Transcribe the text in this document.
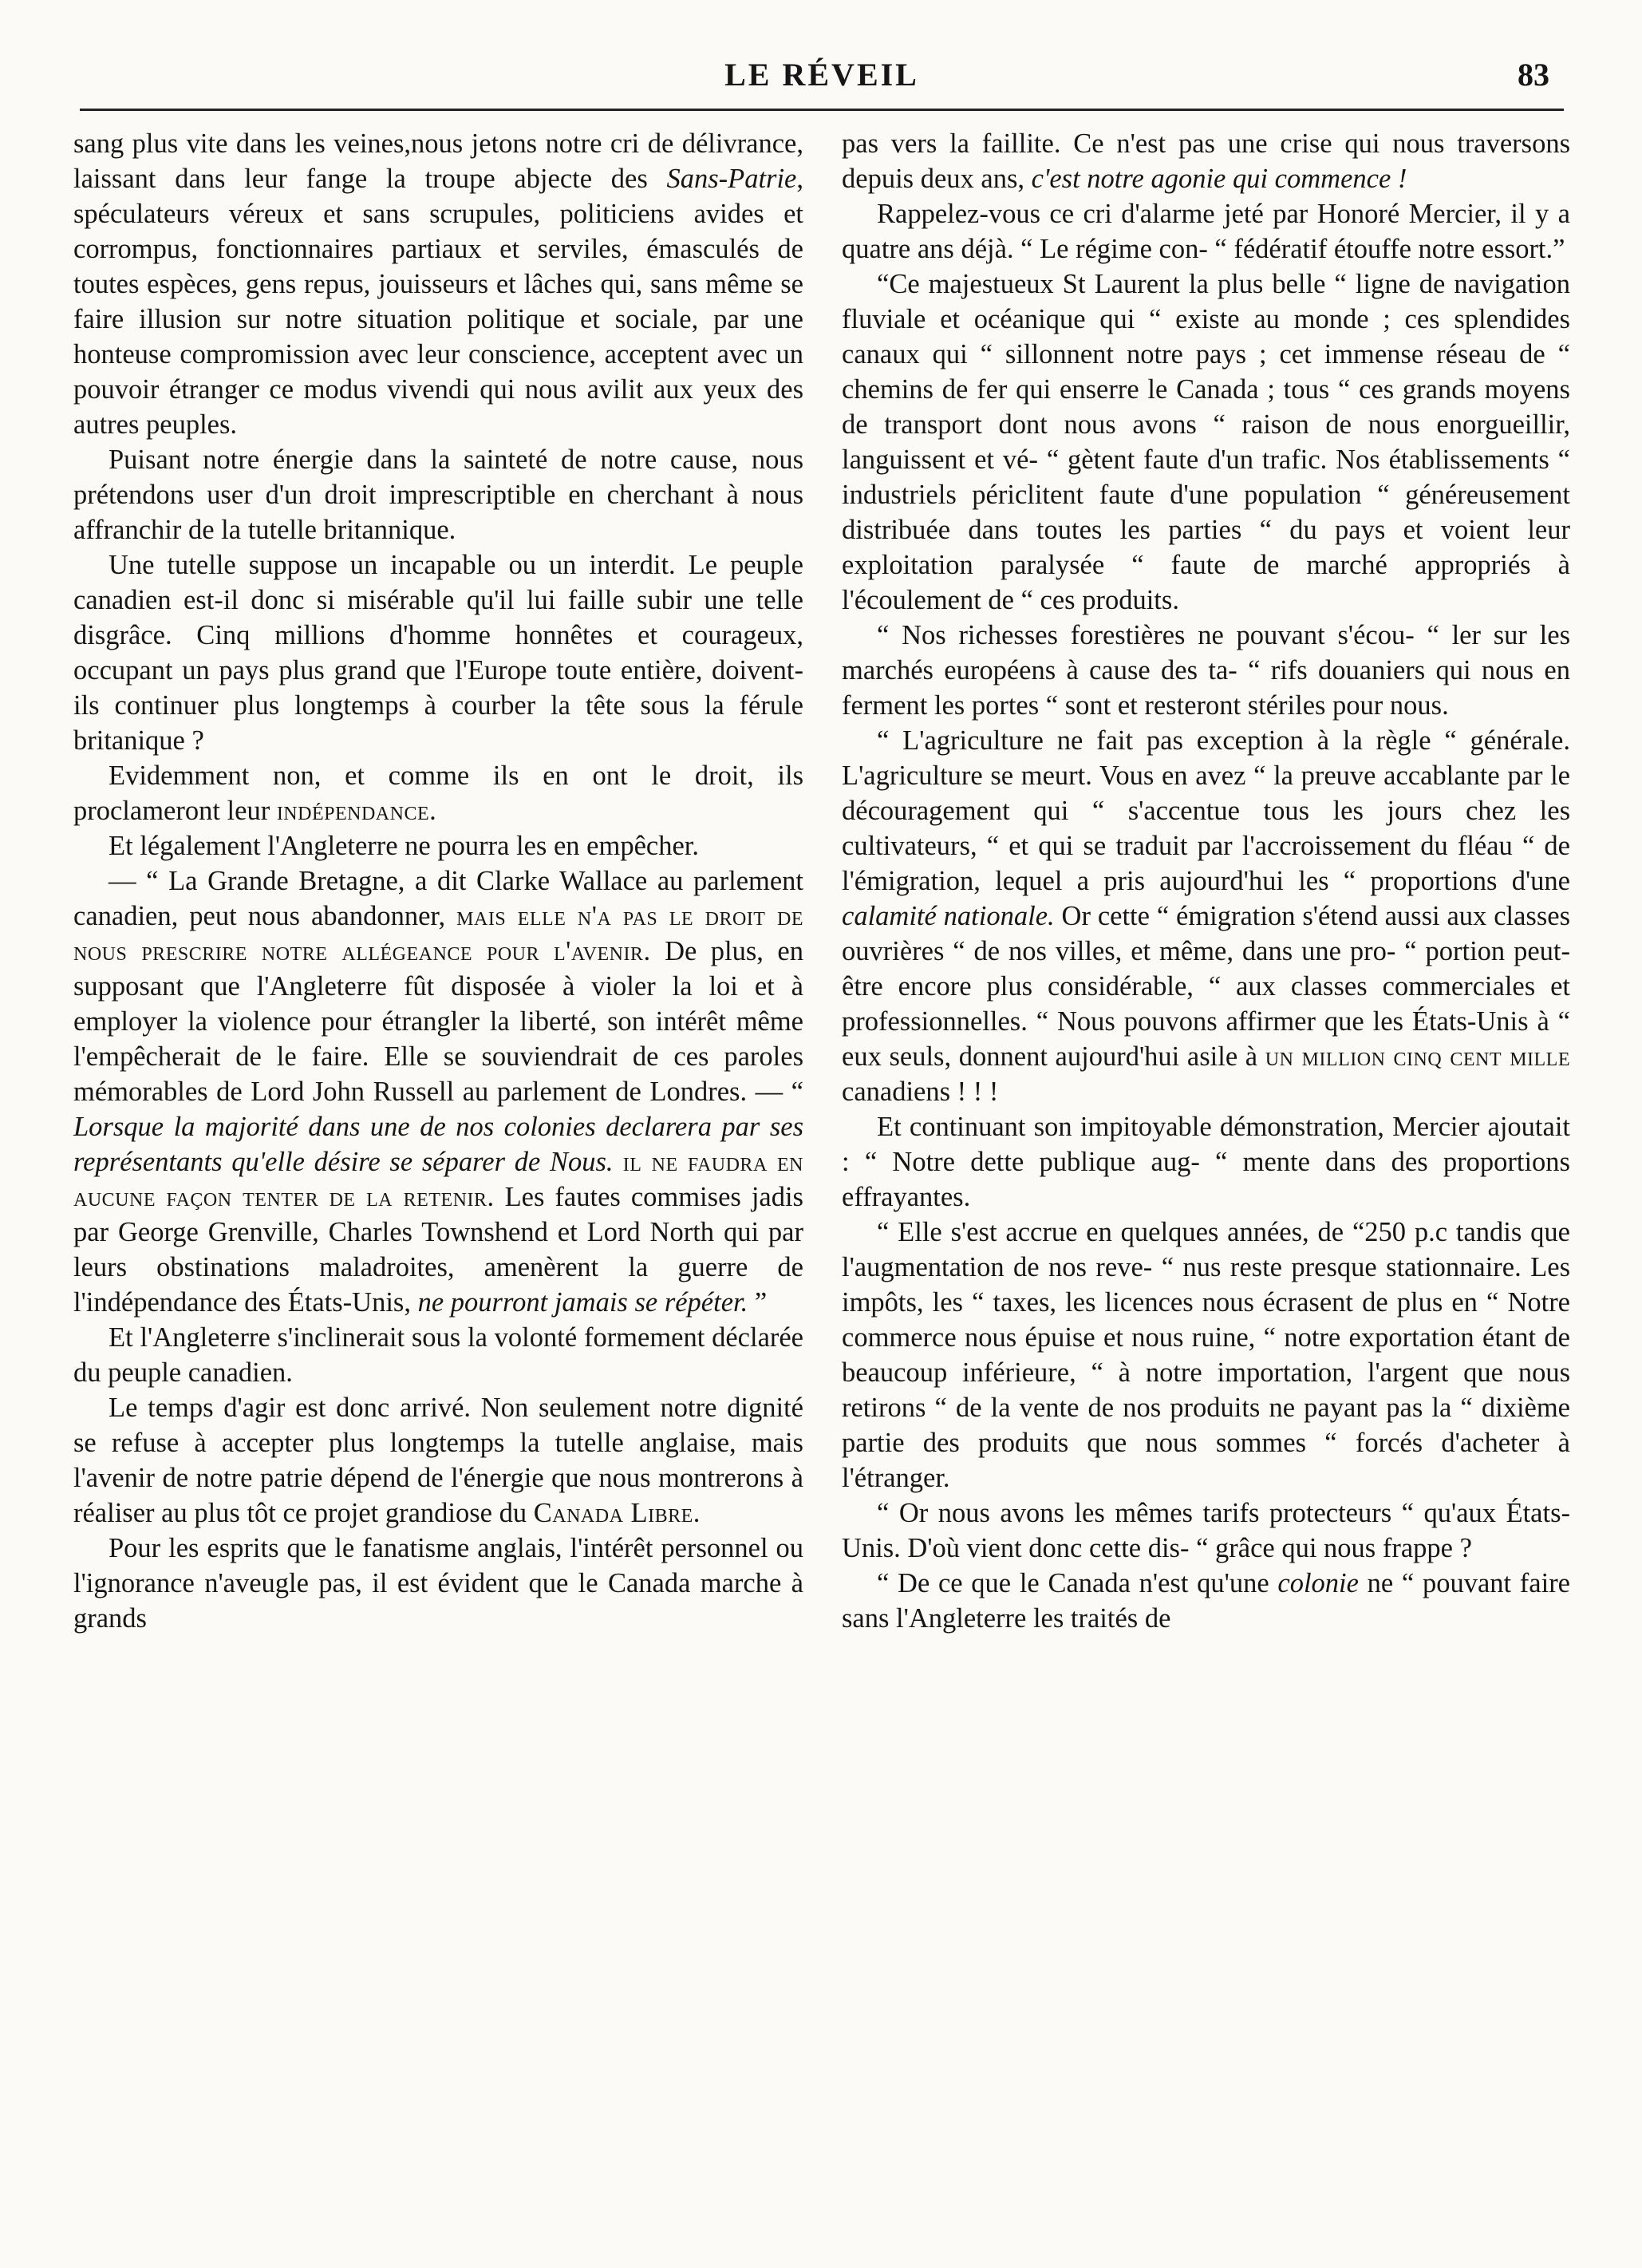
LE RÉVEIL	83

sang plus vite dans les veines,nous jetons notre cri de délivrance, laissant dans leur fange la troupe abjecte des Sans-Patrie, spéculateurs véreux et sans scrupules, politiciens avides et corrompus, fonctionnaires partiaux et serviles, émasculés de toutes espèces, gens repus, jouisseurs et lâches qui, sans même se faire illusion sur notre situation politique et sociale, par une honteuse compromission avec leur conscience, acceptent avec un pouvoir étranger ce modus vivendi qui nous avilit aux yeux des autres peuples.

Puisant notre énergie dans la sainteté de notre cause, nous prétendons user d'un droit imprescriptible en cherchant à nous affranchir de la tutelle britannique.

Une tutelle suppose un incapable ou un interdit. Le peuple canadien est-il donc si misérable qu'il lui faille subir une telle disgrâce. Cinq millions d'homme honnêtes et courageux, occupant un pays plus grand que l'Europe toute entière, doivent-ils continuer plus longtemps à courber la tête sous la férule britanique ?

Evidemment non, et comme ils en ont le droit, ils proclameront leur indépendance.

Et légalement l'Angleterre ne pourra les en empêcher.

— “ La Grande Bretagne, a dit Clarke Wallace au parlement canadien, peut nous abandonner, mais elle n'a pas le droit de nous prescrire notre allégeance pour l'avenir. De plus, en supposant que l'Angleterre fût disposée à violer la loi et à employer la violence pour étrangler la liberté, son intérêt même l'empêcherait de le faire. Elle se souviendrait de ces paroles mémorables de Lord John Russell au parlement de Londres. — “ Lorsque la majorité dans une de nos colonies declarera par ses représentants qu'elle désire se séparer de Nous. il ne faudra en aucune façon tenter de la retenir. Les fautes commises jadis par George Grenville, Charles Townshend et Lord North qui par leurs obstinations maladroites, amenèrent la guerre de l'indépendance des États-Unis, ne pourront jamais se répéter. ”

Et l'Angleterre s'inclinerait sous la volonté formement déclarée du peuple canadien.

Le temps d'agir est donc arrivé. Non seulement notre dignité se refuse à accepter plus longtemps la tutelle anglaise, mais l'avenir de notre patrie dépend de l'énergie que nous montrerons à réaliser au plus tôt ce projet grandiose du Canada Libre.

Pour les esprits que le fanatisme anglais, l'intérêt personnel ou l'ignorance n'aveugle pas, il est évident que le Canada marche à grands

pas vers la faillite. Ce n'est pas une crise qui nous traversons depuis deux ans, c'est notre agonie qui commence !

Rappelez-vous ce cri d'alarme jeté par Honoré Mercier, il y a quatre ans déjà. “ Le régime con- “ fédératif étouffe notre essort.”

“Ce majestueux St Laurent la plus belle “ ligne de navigation fluviale et océanique qui “ existe au monde ; ces splendides canaux qui “ sillonnent notre pays ; cet immense réseau de “ chemins de fer qui enserre le Canada ; tous “ ces grands moyens de transport dont nous avons “ raison de nous enorgueillir, languissent et vé- “ gètent faute d'un trafic. Nos établissements “ industriels périclitent faute d'une population “ généreusement distribuée dans toutes les parties “ du pays et voient leur exploitation paralysée “ faute de marché appropriés à l'écoulement de “ ces produits.

“ Nos richesses forestières ne pouvant s'écou- “ ler sur les marchés européens à cause des ta- “ rifs douaniers qui nous en ferment les portes “ sont et resteront stériles pour nous.

“ L'agriculture ne fait pas exception à la règle “ générale. L'agriculture se meurt. Vous en avez “ la preuve accablante par le découragement qui “ s'accentue tous les jours chez les cultivateurs, “ et qui se traduit par l'accroissement du fléau “ de l'émigration, lequel a pris aujourd'hui les “ proportions d'une calamité nationale. Or cette “ émigration s'étend aussi aux classes ouvrières “ de nos villes, et même, dans une pro- “ portion peut-être encore plus considérable, “ aux classes commerciales et professionnelles. “ Nous pouvons affirmer que les États-Unis à “ eux seuls, donnent aujourd'hui asile à un million cinq cent mille canadiens ! ! !

Et continuant son impitoyable démonstration, Mercier ajoutait : “ Notre dette publique aug- “ mente dans des proportions effrayantes.

“ Elle s'est accrue en quelques années, de “250 p.c tandis que l'augmentation de nos reve- “ nus reste presque stationnaire. Les impôts, les “ taxes, les licences nous écrasent de plus en “ Notre commerce nous épuise et nous ruine, “ notre exportation étant de beaucoup inférieure, “ à notre importation, l'argent que nous retirons “ de la vente de nos produits ne payant pas la “ dixième partie des produits que nous sommes “ forcés d'acheter à l'étranger.

“ Or nous avons les mêmes tarifs protecteurs “ qu'aux États-Unis. D'où vient donc cette dis- “ grâce qui nous frappe ?

“ De ce que le Canada n'est qu'une colonie ne “ pouvant faire sans l'Angleterre les traités de
